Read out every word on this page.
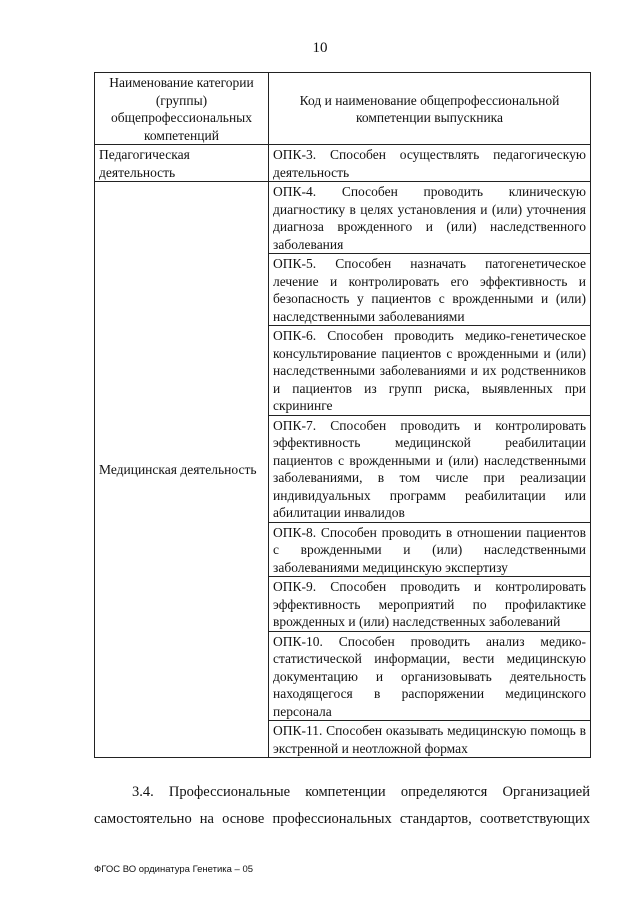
10
Наименование категории (группы) общепрофессиональных компетенций	Код и наименование общепрофессиональной компетенции выпускника
Педагогическая деятельность	ОПК-3. Способен осуществлять педагогическую деятельность
Медицинская деятельность	ОПК-4. Способен проводить клиническую диагностику в целях установления и (или) уточнения диагноза врожденного и (или) наследственного заболевания
	ОПК-5. Способен назначать патогенетическое лечение и контролировать его эффективность и безопасность у пациентов с врожденными и (или) наследственными заболеваниями
	ОПК-6. Способен проводить медико-генетическое консультирование пациентов с врожденными и (или) наследственными заболеваниями и их родственников и пациентов из групп риска, выявленных при скрининге
	ОПК-7. Способен проводить и контролировать эффективность медицинской реабилитации пациентов с врожденными и (или) наследственными заболеваниями, в том числе при реализации индивидуальных программ реабилитации или абилитации инвалидов
	ОПК-8. Способен проводить в отношении пациентов с врожденными и (или) наследственными заболеваниями медицинскую экспертизу
	ОПК-9. Способен проводить и контролировать эффективность мероприятий по профилактике врожденных и (или) наследственных заболеваний
	ОПК-10. Способен проводить анализ медико-статистической информации, вести медицинскую документацию и организовывать деятельность находящегося в распоряжении медицинского персонала
	ОПК-11. Способен оказывать медицинскую помощь в экстренной и неотложной формах
3.4. Профессиональные компетенции определяются Организацией
самостоятельно на основе профессиональных стандартов, соответствующих
ФГОС ВО ординатура Генетика – 05
